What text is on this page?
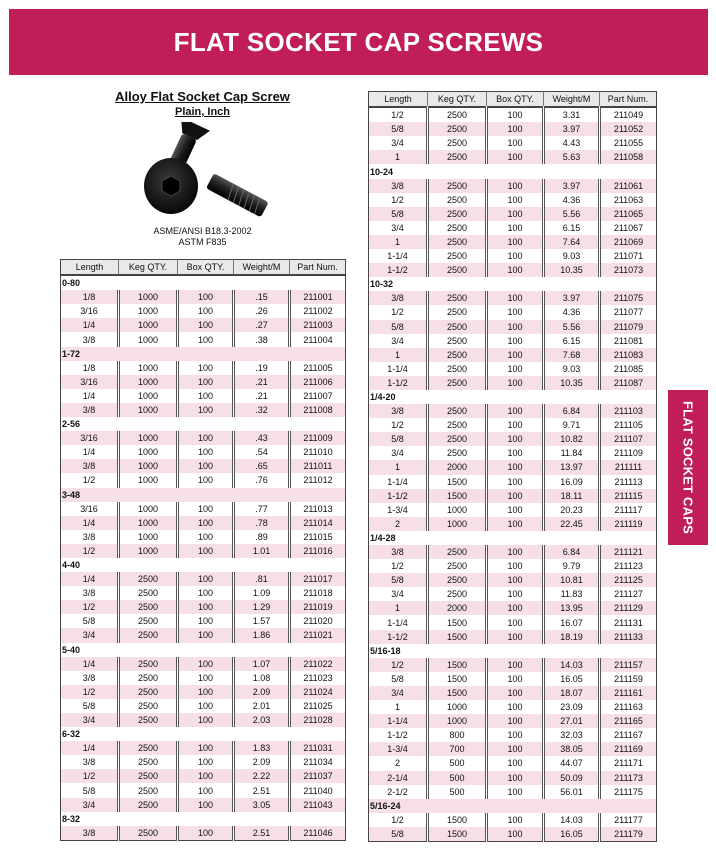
FLAT SOCKET CAP SCREWS
FLAT SOCKET CAPS
Alloy Flat Socket Cap Screw
Plain, Inch
ASME/ANSI B18.3-2002
ASTM F835
Length	Keg QTY.	Box QTY.	Weight/M	Part Num.
0-80				
1/8	1000	100	.15	211001
3/16	1000	100	.26	211002
1/4	1000	100	.27	211003
3/8	1000	100	.38	211004
1-72				
1/8	1000	100	.19	211005
3/16	1000	100	.21	211006
1/4	1000	100	.21	211007
3/8	1000	100	.32	211008
2-56				
3/16	1000	100	.43	211009
1/4	1000	100	.54	211010
3/8	1000	100	.65	211011
1/2	1000	100	.76	211012
3-48				
3/16	1000	100	.77	211013
1/4	1000	100	.78	211014
3/8	1000	100	.89	211015
1/2	1000	100	1.01	211016
4-40				
1/4	2500	100	.81	211017
3/8	2500	100	1.09	211018
1/2	2500	100	1.29	211019
5/8	2500	100	1.57	211020
3/4	2500	100	1.86	211021
5-40				
1/4	2500	100	1.07	211022
3/8	2500	100	1.08	211023
1/2	2500	100	2.09	211024
5/8	2500	100	2.01	211025
3/4	2500	100	2.03	211028
6-32				
1/4	2500	100	1.83	211031
3/8	2500	100	2.09	211034
1/2	2500	100	2.22	211037
5/8	2500	100	2.51	211040
3/4	2500	100	3.05	211043
8-32				
3/8	2500	100	2.51	211046
Length	Keg QTY.	Box QTY.	Weight/M	Part Num.
1/2	2500	100	3.31	211049
5/8	2500	100	3.97	211052
3/4	2500	100	4.43	211055
1	2500	100	5.63	211058
10-24				
3/8	2500	100	3.97	211061
1/2	2500	100	4.36	211063
5/8	2500	100	5.56	211065
3/4	2500	100	6.15	211067
1	2500	100	7.64	211069
1-1/4	2500	100	9.03	211071
1-1/2	2500	100	10.35	211073
10-32				
3/8	2500	100	3.97	211075
1/2	2500	100	4.36	211077
5/8	2500	100	5.56	211079
3/4	2500	100	6.15	211081
1	2500	100	7.68	211083
1-1/4	2500	100	9.03	211085
1-1/2	2500	100	10.35	211087
1/4-20				
3/8	2500	100	6.84	211103
1/2	2500	100	9.71	211105
5/8	2500	100	10.82	211107
3/4	2500	100	11.84	211109
1	2000	100	13.97	211111
1-1/4	1500	100	16.09	211113
1-1/2	1500	100	18.11	211115
1-3/4	1000	100	20.23	211117
2	1000	100	22.45	211119
1/4-28				
3/8	2500	100	6.84	211121
1/2	2500	100	9.79	211123
5/8	2500	100	10.81	211125
3/4	2500	100	11.83	211127
1	2000	100	13.95	211129
1-1/4	1500	100	16.07	211131
1-1/2	1500	100	18.19	211133
5/16-18				
1/2	1500	100	14.03	211157
5/8	1500	100	16.05	211159
3/4	1500	100	18.07	211161
1	1000	100	23.09	211163
1-1/4	1000	100	27.01	211165
1-1/2	800	100	32.03	211167
1-3/4	700	100	38.05	211169
2	500	100	44.07	211171
2-1/4	500	100	50.09	211173
2-1/2	500	100	56.01	211175
5/16-24				
1/2	1500	100	14.03	211177
5/8	1500	100	16.05	211179
